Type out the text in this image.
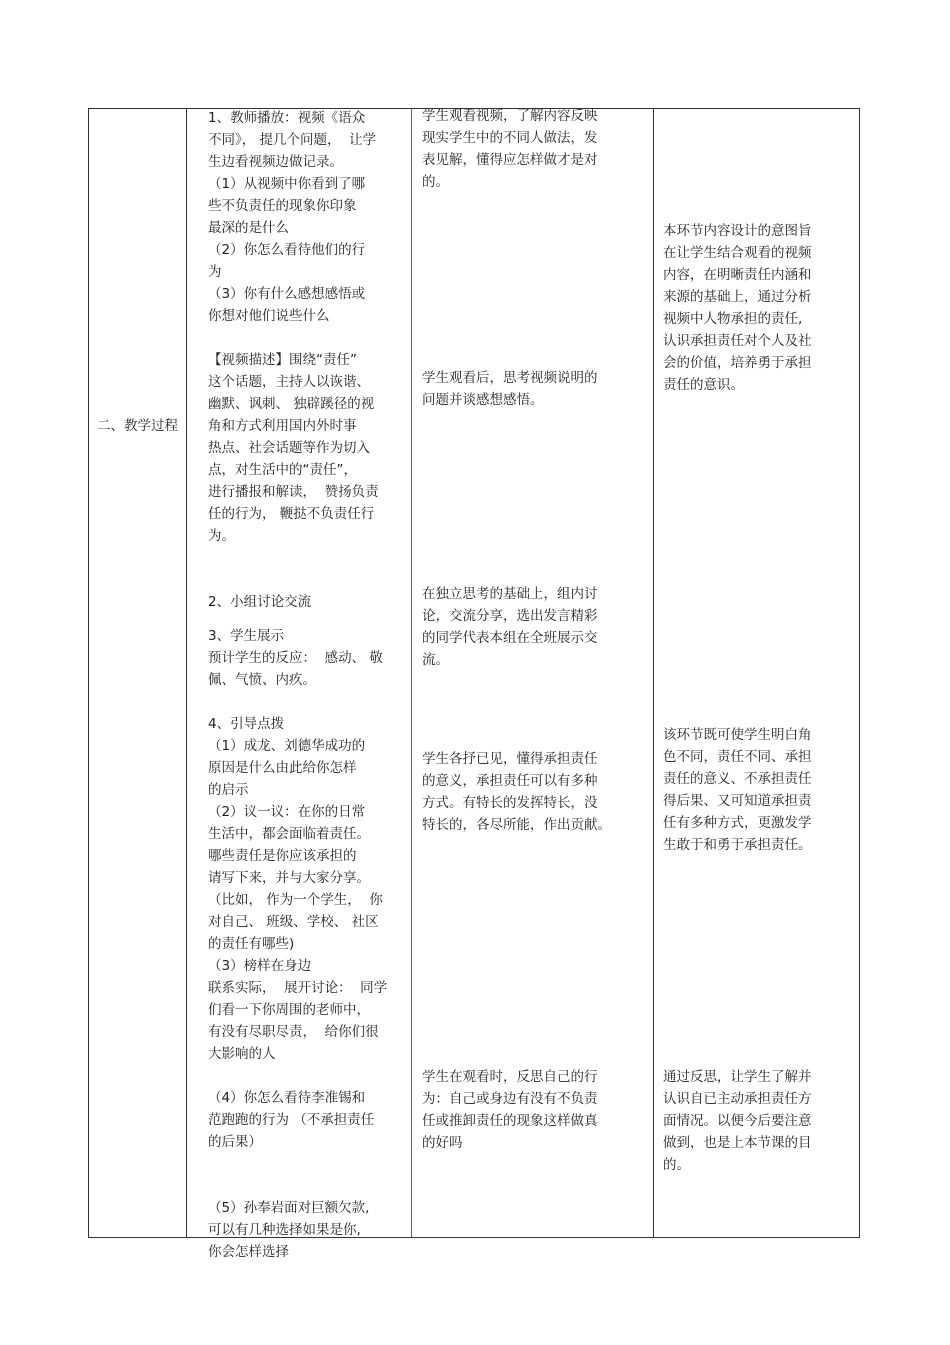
二、教学过程

1、教师播放：视频《语众

不同》， 提几个问题，  让学

生边看视频边做记录。

（1）从视频中你看到了哪

些不负责任的现象你印象

最深的是什么

（2）你怎么看待他们的行

为

（3）你有什么感想感悟或

你想对他们说些什么

【视频描述】围绕“责任”

这个话题，主持人以诙谐、

幽默、讽刺、 独辟蹊径的视

角和方式利用国内外时事

热点、社会话题等作为切入

点，对生活中的“责任”，

进行播报和解读，  赞扬负责

任的行为， 鞭挞不负责任行

为。

2、小组讨论交流

3、学生展示

预计学生的反应：  感动、 敬

佩、气愤、内疚。

4、引导点拨

（1）成龙、刘德华成功的

原因是什么由此给你怎样

的启示

（2）议一议：在你的日常

生活中，都会面临着责任。

哪些责任是你应该承担的

请写下来，并与大家分享。

（比如， 作为一个学生，  你

对自己、 班级、学校、 社区

的责任有哪些)

（3）榜样在身边

联系实际，  展开讨论：  同学

们看一下你周围的老师中，

有没有尽职尽责，  给你们很

大影响的人

（4）你怎么看待李准锡和

范跑跑的行为 （不承担责任

的后果）

（5）孙奉岩面对巨额欠款,

可以有几种选择如果是你,

你会怎样选择

学生观看视频，了解内容反映

现实学生中的不同人做法，发

表见解，懂得应怎样做才是对

的。

学生观看后，思考视频说明的

问题并谈感想感悟。

在独立思考的基础上，组内讨

论，交流分享，选出发言精彩

的同学代表本组在全班展示交

流。

学生各抒已见，懂得承担责任

的意义，承担责任可以有多种

方式。有特长的发挥特长，没

特长的，各尽所能，作出贡献。

学生在观看时，反思自己的行

为：自己或身边有没有不负责

任或推卸责任的现象这样做真

的好吗

本环节内容设计的意图旨

在让学生结合观看的视频

内容，在明晰责任内涵和

来源的基础上，通过分析

视频中人物承担的责任,

认识承担责任对个人及社

会的价值，培养勇于承担

责任的意识。

该环节既可使学生明白角

色不同，责任不同、承担

责任的意义、不承担责任

得后果、又可知道承担责

任有多种方式，更激发学

生敢于和勇于承担责任。

通过反思，让学生了解并

认识自已主动承担责任方

面情况。以便今后要注意

做到，也是上本节课的目

的。
